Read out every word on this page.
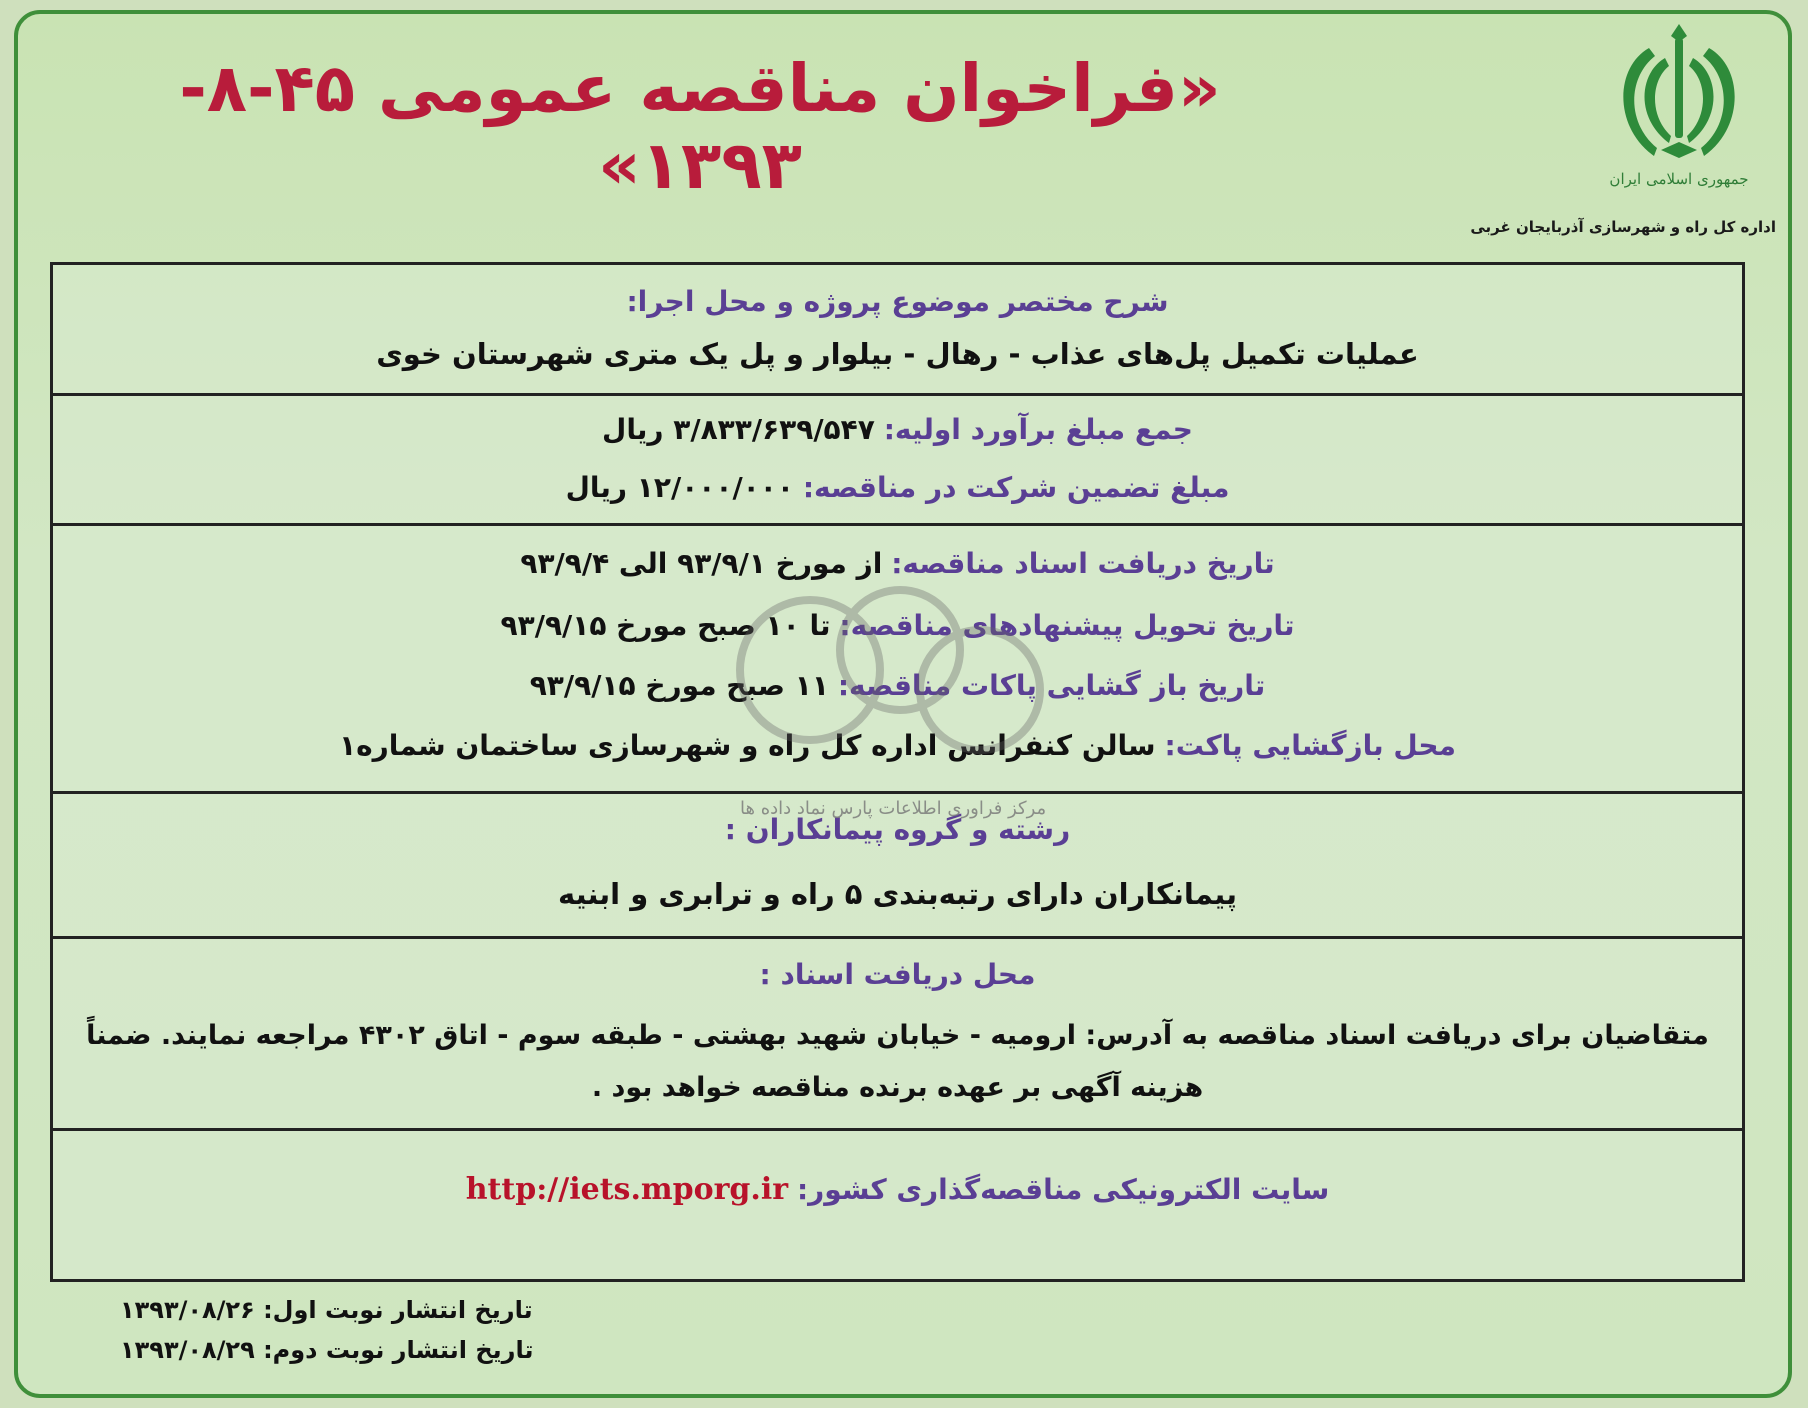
جمهوری اسلامی ایران
اداره کل راه و شهرسازی آذربایجان غربی
«فراخوان مناقصه عمومی ۴۵-۸- ۱۳۹۳»
شرح مختصر موضوع پروژه و محل اجرا:
عملیات تکمیل پل‌های عذاب - رهال - بیلوار و پل یک متری شهرستان خوی
جمع مبلغ برآورد اولیه: ۳/۸۳۳/۶۳۹/۵۴۷ ریال
مبلغ تضمین شرکت در مناقصه: ۱۲/۰۰۰/۰۰۰ ریال
تاریخ دریافت اسناد مناقصه: از مورخ ۹۳/۹/۱ الی ۹۳/۹/۴
تاریخ تحویل پیشنهادهای مناقصه: تا ۱۰ صبح مورخ ۹۳/۹/۱۵
تاریخ باز گشایی پاکات مناقصه: ۱۱ صبح مورخ ۹۳/۹/۱۵
محل بازگشایی پاکت: سالن کنفرانس اداره کل راه و شهرسازی ساختمان شماره۱
رشته و گروه پیمانکاران :
پیمانکاران دارای رتبه‌بندی ۵ راه و ترابری و ابنیه
محل دریافت اسناد :
متقاضیان برای دریافت اسناد مناقصه به آدرس: ارومیه - خیابان شهید بهشتی - طبقه سوم - اتاق ۴۳۰۲ مراجعه نمایند. ضمناً
هزینه آگهی بر عهده برنده مناقصه خواهد بود .
سایت الکترونیکی مناقصه‌گذاری کشور: http://iets.mporg.ir
مرکز فراوری اطلاعات پارس نماد داده ها
تاریخ انتشار نوبت اول: ۱۳۹۳/۰۸/۲۶
تاریخ انتشار نوبت دوم: ۱۳۹۳/۰۸/۲۹
